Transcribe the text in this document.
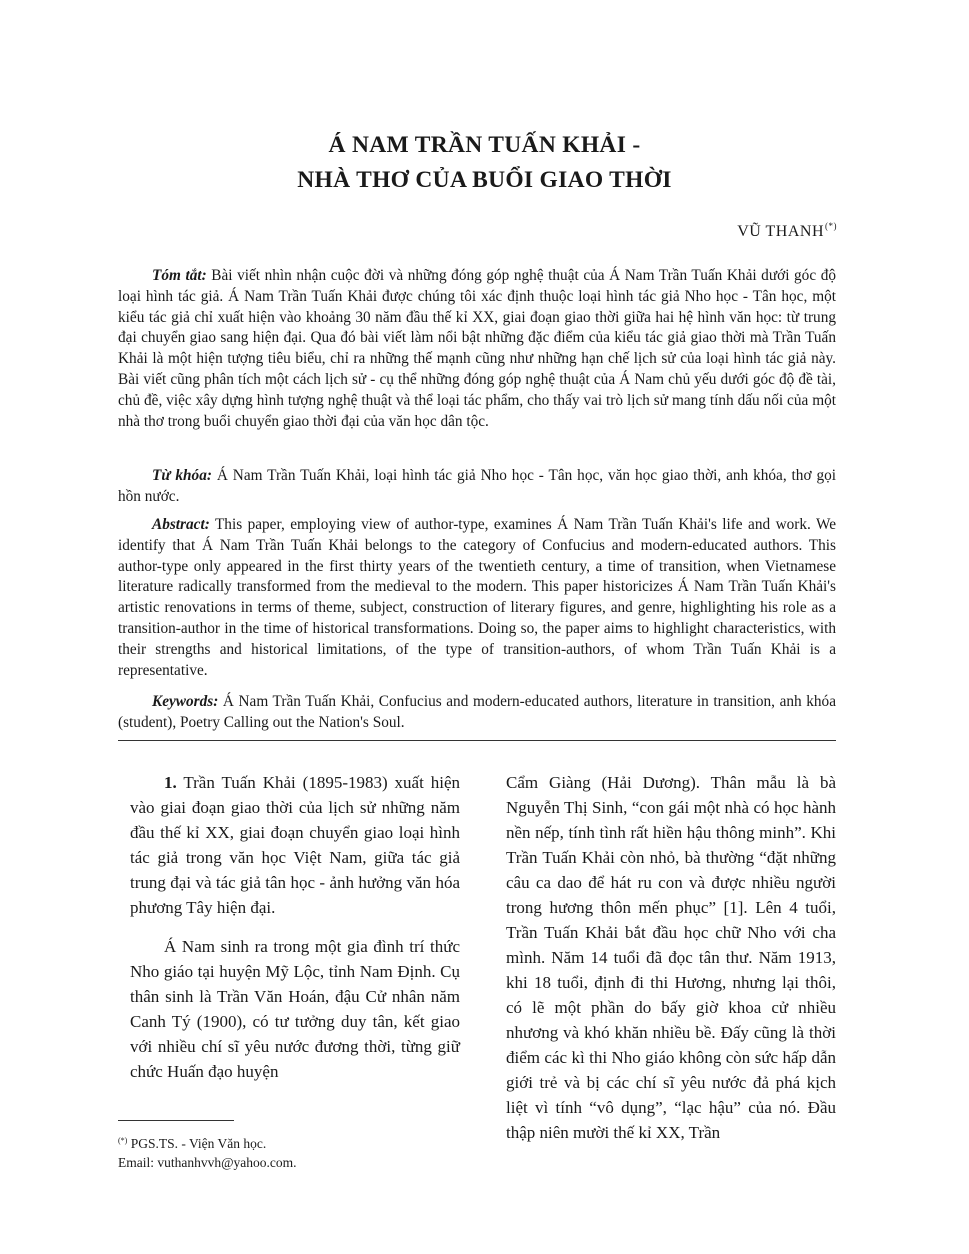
Á NAM TRẦN TUẤN KHẢI -
NHÀ THƠ CỦA BUỔI GIAO THỜI
VŨ THANH(*)

Tóm tắt: Bài viết nhìn nhận cuộc đời và những đóng góp nghệ thuật của Á Nam Trần Tuấn Khải dưới góc độ loại hình tác giả. Á Nam Trần Tuấn Khải được chúng tôi xác định thuộc loại hình tác giả Nho học - Tân học, một kiểu tác giả chỉ xuất hiện vào khoảng 30 năm đầu thế kỉ XX, giai đoạn giao thời giữa hai hệ hình văn học: từ trung đại chuyển giao sang hiện đại. Qua đó bài viết làm nổi bật những đặc điểm của kiểu tác giả giao thời mà Trần Tuấn Khải là một hiện tượng tiêu biểu, chỉ ra những thế mạnh cũng như những hạn chế lịch sử của loại hình tác giả này. Bài viết cũng phân tích một cách lịch sử - cụ thể những đóng góp nghệ thuật của Á Nam chủ yếu dưới góc độ đề tài, chủ đề, việc xây dựng hình tượng nghệ thuật và thể loại tác phẩm, cho thấy vai trò lịch sử mang tính dấu nối của một nhà thơ trong buổi chuyển giao thời đại của văn học dân tộc.

Từ khóa: Á Nam Trần Tuấn Khải, loại hình tác giả Nho học - Tân học, văn học giao thời, anh khóa, thơ gọi hồn nước.

Abstract: This paper, employing view of author-type, examines Á Nam Trần Tuấn Khải's life and work. We identify that Á Nam Trần Tuấn Khải belongs to the category of Confucius and modern-educated authors. This author-type only appeared in the first thirty years of the twentieth century, a time of transition, when Vietnamese literature radically transformed from the medieval to the modern. This paper historicizes Á Nam Trần Tuấn Khải's artistic renovations in terms of theme, subject, construction of literary figures, and genre, highlighting his role as a transition-author in the time of historical transformations. Doing so, the paper aims to highlight characteristics, with their strengths and historical limitations, of the type of transition-authors, of whom Trần Tuấn Khải is a representative.

Keywords: Á Nam Trần Tuấn Khải, Confucius and modern-educated authors, literature in transition, anh khóa (student), Poetry Calling out the Nation's Soul.

1. Trần Tuấn Khải (1895-1983) xuất hiện vào giai đoạn giao thời của lịch sử những năm đầu thế kỉ XX, giai đoạn chuyển giao loại hình tác giả trong văn học Việt Nam, giữa tác giả trung đại và tác giả tân học - ảnh hưởng văn hóa phương Tây hiện đại.

Á Nam sinh ra trong một gia đình trí thức Nho giáo tại huyện Mỹ Lộc, tỉnh Nam Định. Cụ thân sinh là Trần Văn Hoán, đậu Cử nhân năm Canh Tý (1900), có tư tưởng duy tân, kết giao với nhiều chí sĩ yêu nước đương thời, từng giữ chức Huấn đạo huyện

Cẩm Giàng (Hải Dương). Thân mẫu là bà Nguyễn Thị Sinh, “con gái một nhà có học hành nền nếp, tính tình rất hiền hậu thông minh”. Khi Trần Tuấn Khải còn nhỏ, bà thường “đặt những câu ca dao để hát ru con và được nhiều người trong hương thôn mến phục” [1]. Lên 4 tuổi, Trần Tuấn Khải bắt đầu học chữ Nho với cha mình. Năm 14 tuổi đã đọc tân thư. Năm 1913, khi 18 tuổi, định đi thi Hương, nhưng lại thôi, có lẽ một phần do bấy giờ khoa cử nhiều nhương và khó khăn nhiều bề. Đấy cũng là thời điểm các kì thi Nho giáo không còn sức hấp dẫn giới trẻ và bị các chí sĩ yêu nước đả phá kịch liệt vì tính “vô dụng”, “lạc hậu” của nó. Đầu thập niên mười thế kỉ XX, Trần

(*) PGS.TS. - Viện Văn học.
Email: vuthanhvvh@yahoo.com.
